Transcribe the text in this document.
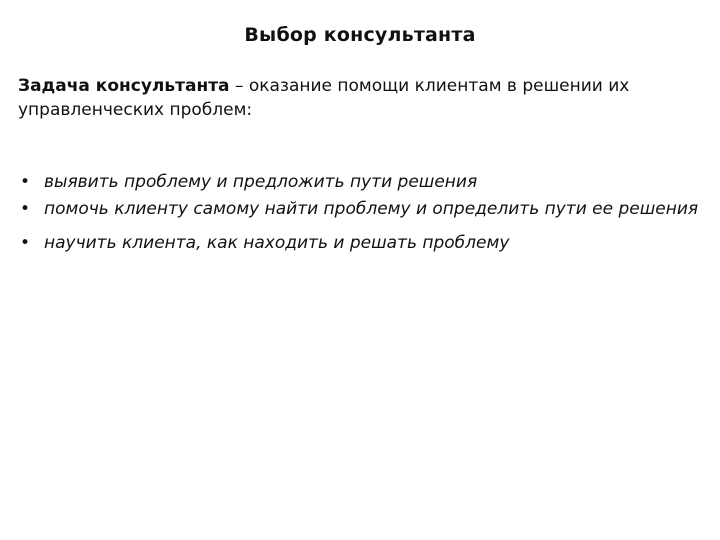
Выбор консультанта
Задача консультанта – оказание помощи клиентам в решении их управленческих проблем:
• выявить проблему и предложить пути решения
• помочь клиенту самому найти проблему и определить пути ее решения
• научить клиента, как находить и решать проблему
